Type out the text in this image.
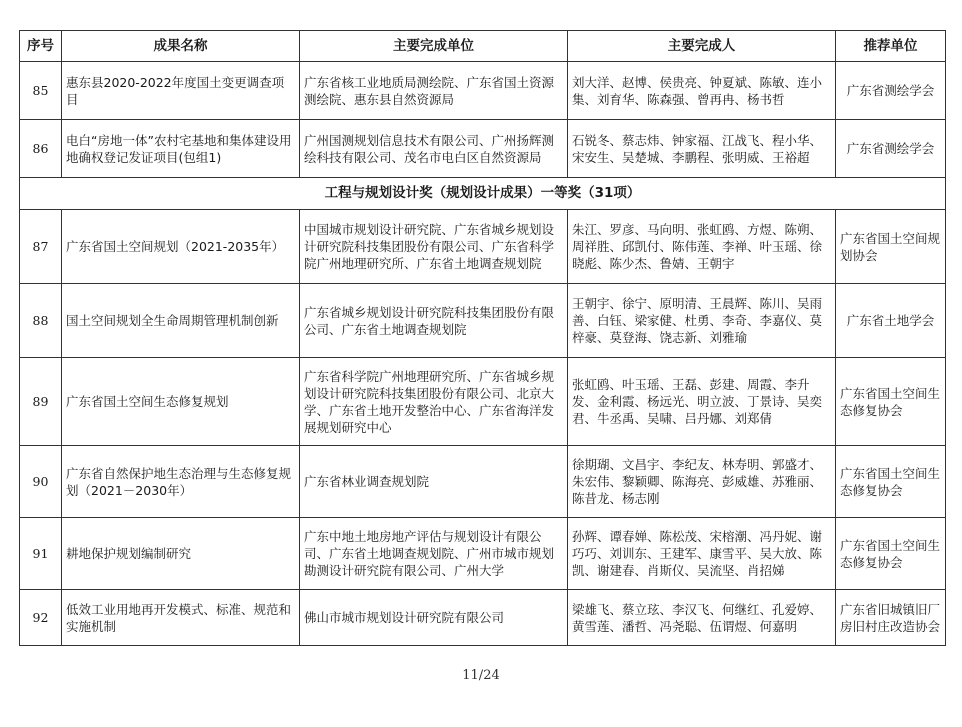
序号	成果名称	主要完成单位	主要完成人	推荐单位
85	惠东县2020-2022年度国土变更调查项目	广东省核工业地质局测绘院、广东省国土资源测绘院、惠东县自然资源局	刘大洋、赵博、侯贵亮、钟夏斌、陈敏、连小集、刘育华、陈森强、曾再冉、杨书哲	广东省测绘学会
86	电白“房地一体”农村宅基地和集体建设用地确权登记发证项目(包组1)	广州国测规划信息技术有限公司、广州扬辉测绘科技有限公司、茂名市电白区自然资源局	石锐冬、蔡志炜、钟家福、江战飞、程小华、宋安生、吴楚城、李鹏程、张明威、王裕超	广东省测绘学会
工程与规划设计奖（规划设计成果）一等奖（31项）				
87	广东省国土空间规划（2021-2035年）	中国城市规划设计研究院、广东省城乡规划设计研究院科技集团股份有限公司、广东省科学院广州地理研究所、广东省土地调查规划院	朱江、罗彦、马向明、张虹鸥、方煜、陈朔、周祥胜、邱凯付、陈伟莲、李禅、叶玉瑶、徐晓彪、陈少杰、鲁婧、王朝宇	广东省国土空间规划协会
88	国土空间规划全生命周期管理机制创新	广东省城乡规划设计研究院科技集团股份有限公司、广东省土地调查规划院	王朝宇、徐宁、原明清、王晨辉、陈川、吴雨善、白钰、梁家健、杜勇、李奇、李嘉仪、莫梓豪、莫登海、饶志新、刘雅瑜	广东省土地学会
89	广东省国土空间生态修复规划	广东省科学院广州地理研究所、广东省城乡规划设计研究院科技集团股份有限公司、北京大学、广东省土地开发整治中心、广东省海洋发展规划研究中心	张虹鸥、叶玉瑶、王磊、彭建、周霞、李升发、金利霞、杨远光、明立波、丁景诗、吴奕君、牛丞禹、吴啸、吕丹娜、刘郑倩	广东省国土空间生态修复协会
90	广东省自然保护地生态治理与生态修复规划（2021－2030年）	广东省林业调查规划院	徐期瑚、文昌宇、李纪友、林寿明、郭盛才、朱宏伟、黎颖卿、陈海亮、彭威雄、苏雅丽、陈昔龙、杨志刚	广东省国土空间生态修复协会
91	耕地保护规划编制研究	广东中地土地房地产评估与规划设计有限公司、广东省土地调查规划院、广州市城市规划勘测设计研究院有限公司、广州大学	孙辉、谭春婵、陈松茂、宋榕潮、冯丹妮、谢巧巧、刘训东、王建军、康雪平、吴大放、陈凯、谢建春、肖斯仪、吴流坚、肖招娣	广东省国土空间生态修复协会
92	低效工业用地再开发模式、标准、规范和实施机制	佛山市城市规划设计研究院有限公司	梁雄飞、蔡立玹、李汉飞、何继红、孔爱婷、黄雪莲、潘哲、冯尧聪、伍谓煜、何嘉明	广东省旧城镇旧厂房旧村庄改造协会
11/24
